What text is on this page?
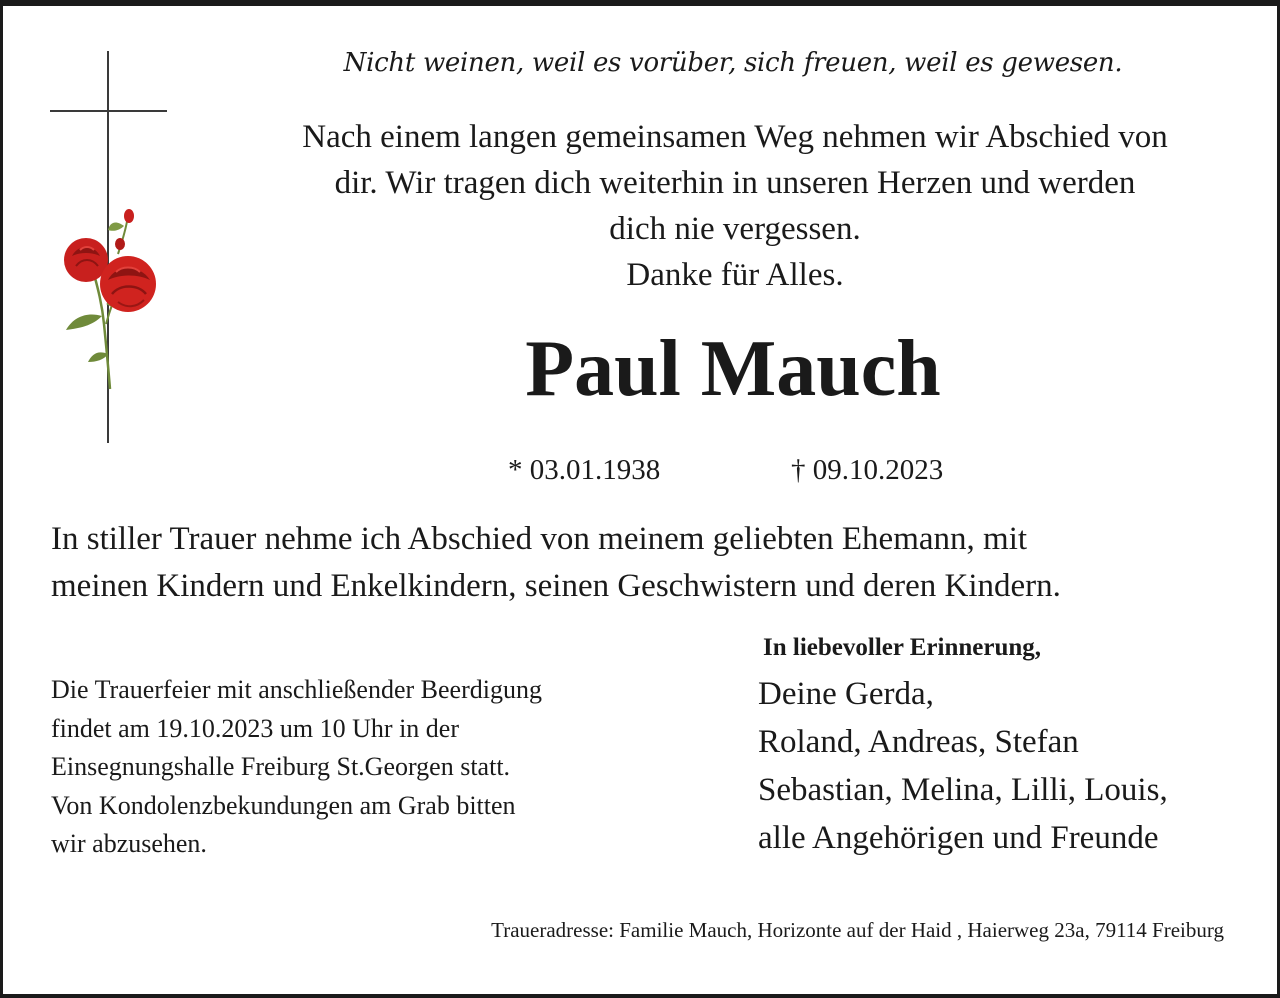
Nicht weinen, weil es vorüber, sich freuen, weil es gewesen.

Nach einem langen gemeinsamen Weg nehmen wir Abschied von

dir. Wir tragen dich weiterhin in unseren Herzen und werden

dich nie vergessen.

Danke für Alles.

Paul Mauch
* 03.01.1938	† 09.10.2023

In stiller Trauer nehme ich Abschied von meinem geliebten Ehemann, mit

meinen Kindern und Enkelkindern, seinen Geschwistern und deren Kindern.

Die Trauerfeier mit anschließender Beerdigung

findet am 19.10.2023 um 10 Uhr in der

Einsegnungshalle Freiburg St.Georgen statt.

Von Kondolenzbekundungen am Grab bitten

wir abzusehen.

In liebevoller Erinnerung,

Deine Gerda,

Roland, Andreas, Stefan

Sebastian, Melina, Lilli, Louis,

alle Angehörigen und Freunde

Traueradresse: Familie Mauch, Horizonte auf der Haid , Haierweg 23a, 79114 Freiburg
